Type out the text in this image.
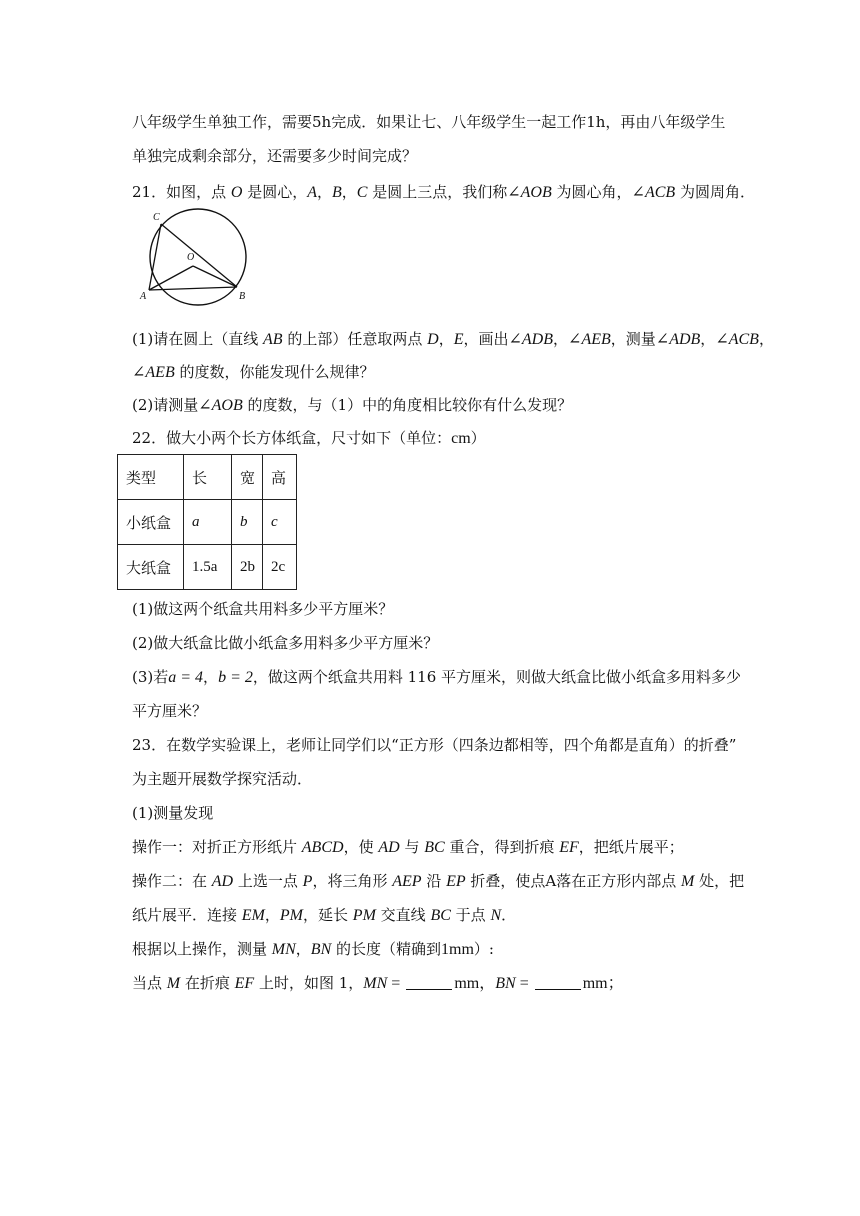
八年级学生单独工作，需要5h完成．如果让七、八年级学生一起工作1h，再由八年级学生
单独完成剩余部分，还需要多少时间完成？
21．如图，点 O 是圆心，A，B，C 是圆上三点，我们称∠AOB 为圆心角，∠ACB 为圆周角．
C
O
A	B
(1)请在圆上（直线 AB 的上部）任意取两点 D，E，画出∠ADB，∠AEB，测量∠ADB，∠ACB，
∠AEB 的度数，你能发现什么规律？
(2)请测量∠AOB 的度数，与（1）中的角度相比较你有什么发现？
22．做大小两个长方体纸盒，尺寸如下（单位：cm）
类型	长	宽	高
小纸盒	a	b	c
大纸盒	1.5a	2b	2c
(1)做这两个纸盒共用料多少平方厘米？
(2)做大纸盒比做小纸盒多用料多少平方厘米？
(3)若a = 4，b = 2，做这两个纸盒共用料 116 平方厘米，则做大纸盒比做小纸盒多用料多少
平方厘米？
23．在数学实验课上，老师让同学们以“正方形（四条边都相等，四个角都是直角）的折叠”
为主题开展数学探究活动．
(1)测量发现
操作一：对折正方形纸片 ABCD，使 AD 与 BC 重合，得到折痕 EF，把纸片展平；
操作二：在 AD 上选一点 P，将三角形 AEP 沿 EP 折叠，使点A落在正方形内部点 M 处，把
纸片展平．连接 EM，PM，延长 PM 交直线 BC 于点 N．
根据以上操作，测量 MN，BN 的长度（精确到1mm）:
当点 M 在折痕 EF 上时，如图 1，MN =	mm，BN =	mm；
